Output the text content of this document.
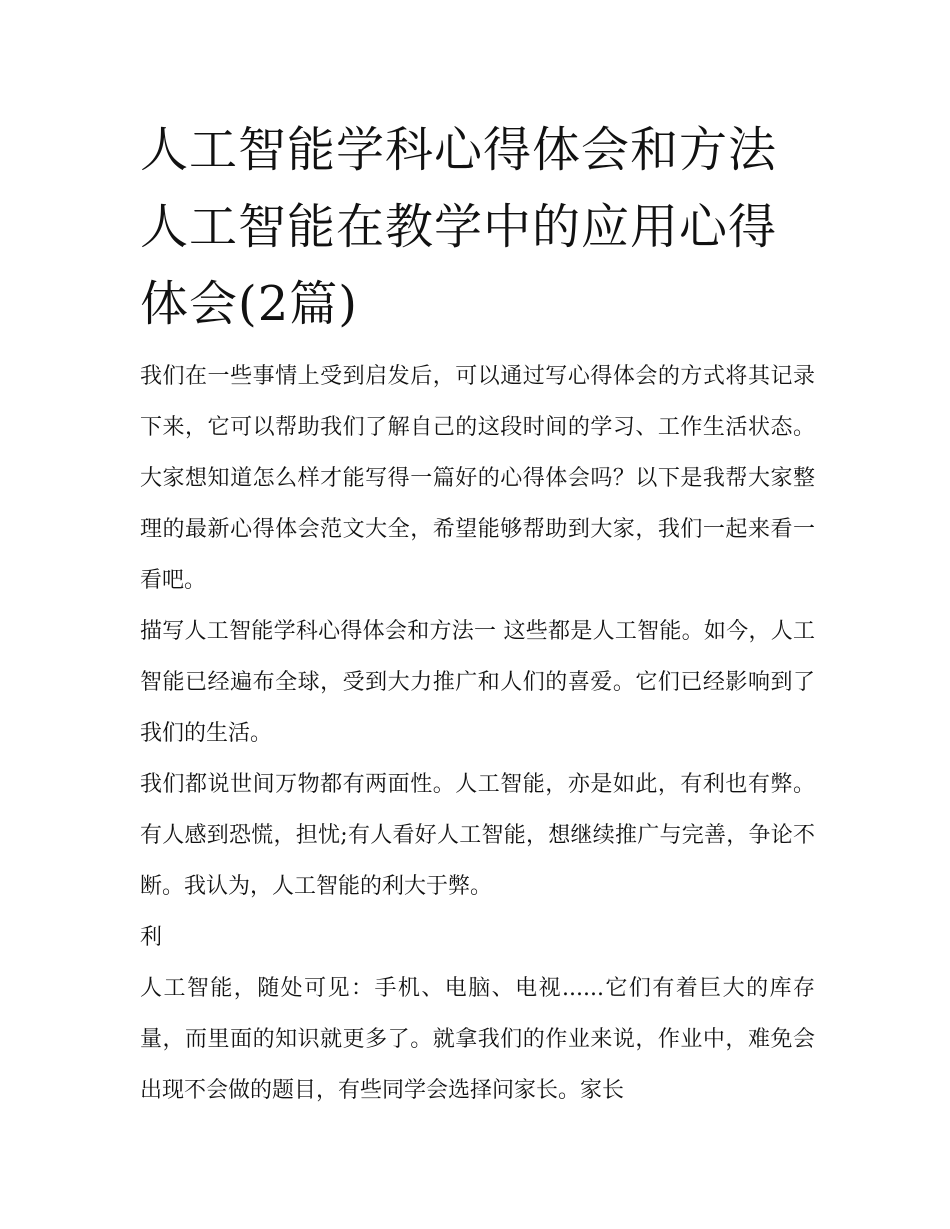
人工智能学科心得体会和方法 人工智能在教学中的应用心得体会(2篇)

我们在一些事情上受到启发后，可以通过写心得体会的方式将其记录下来，它可以帮助我们了解自己的这段时间的学习、工作生活状态。大家想知道怎么样才能写得一篇好的心得体会吗？以下是我帮大家整理的最新心得体会范文大全，希望能够帮助到大家，我们一起来看一看吧。

描写人工智能学科心得体会和方法一 这些都是人工智能。如今，人工智能已经遍布全球，受到大力推广和人们的喜爱。它们已经影响到了我们的生活。

我们都说世间万物都有两面性。人工智能，亦是如此，有利也有弊。有人感到恐慌，担忧;有人看好人工智能，想继续推广与完善，争论不断。我认为，人工智能的利大于弊。

利

人工智能，随处可见：手机、电脑、电视......它们有着巨大的库存量，而里面的知识就更多了。就拿我们的作业来说，作业中，难免会出现不会做的题目，有些同学会选择问家长。家长
